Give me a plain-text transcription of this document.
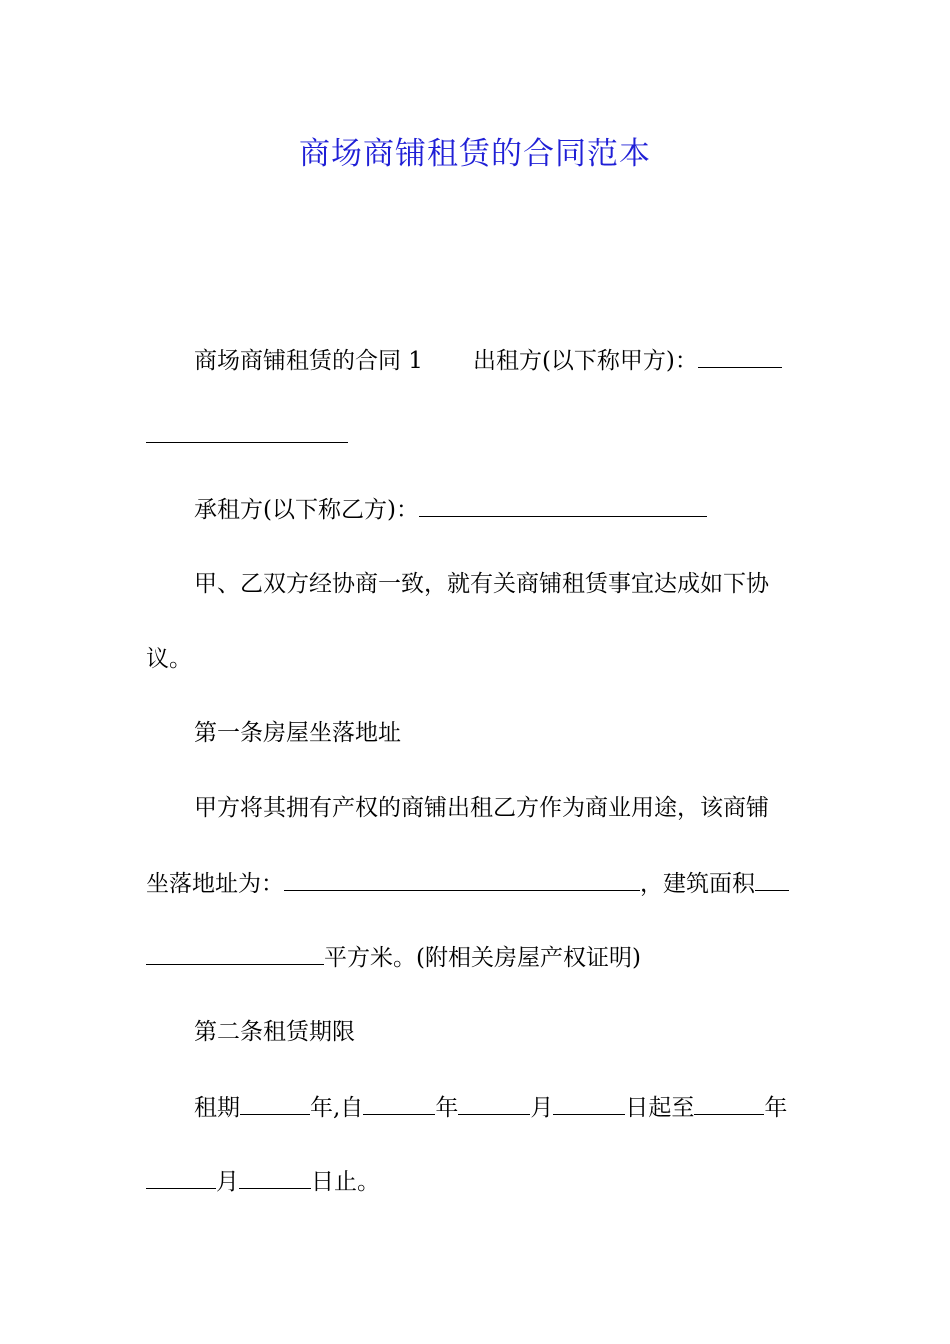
商场商铺租赁的合同范本

商场商铺租赁的合同 1 出租方(以下称甲方)：

承租方(以下称乙方)：

甲、乙双方经协商一致，就有关商铺租赁事宜达成如下协

议。

第一条房屋坐落地址

甲方将其拥有产权的商铺出租乙方作为商业用途，该商铺

坐落地址为：	，建筑面积

平方米。(附相关房屋产权证明)

第二条租赁期限

租期	年,自	年	月	日起至	年

月	日止。
